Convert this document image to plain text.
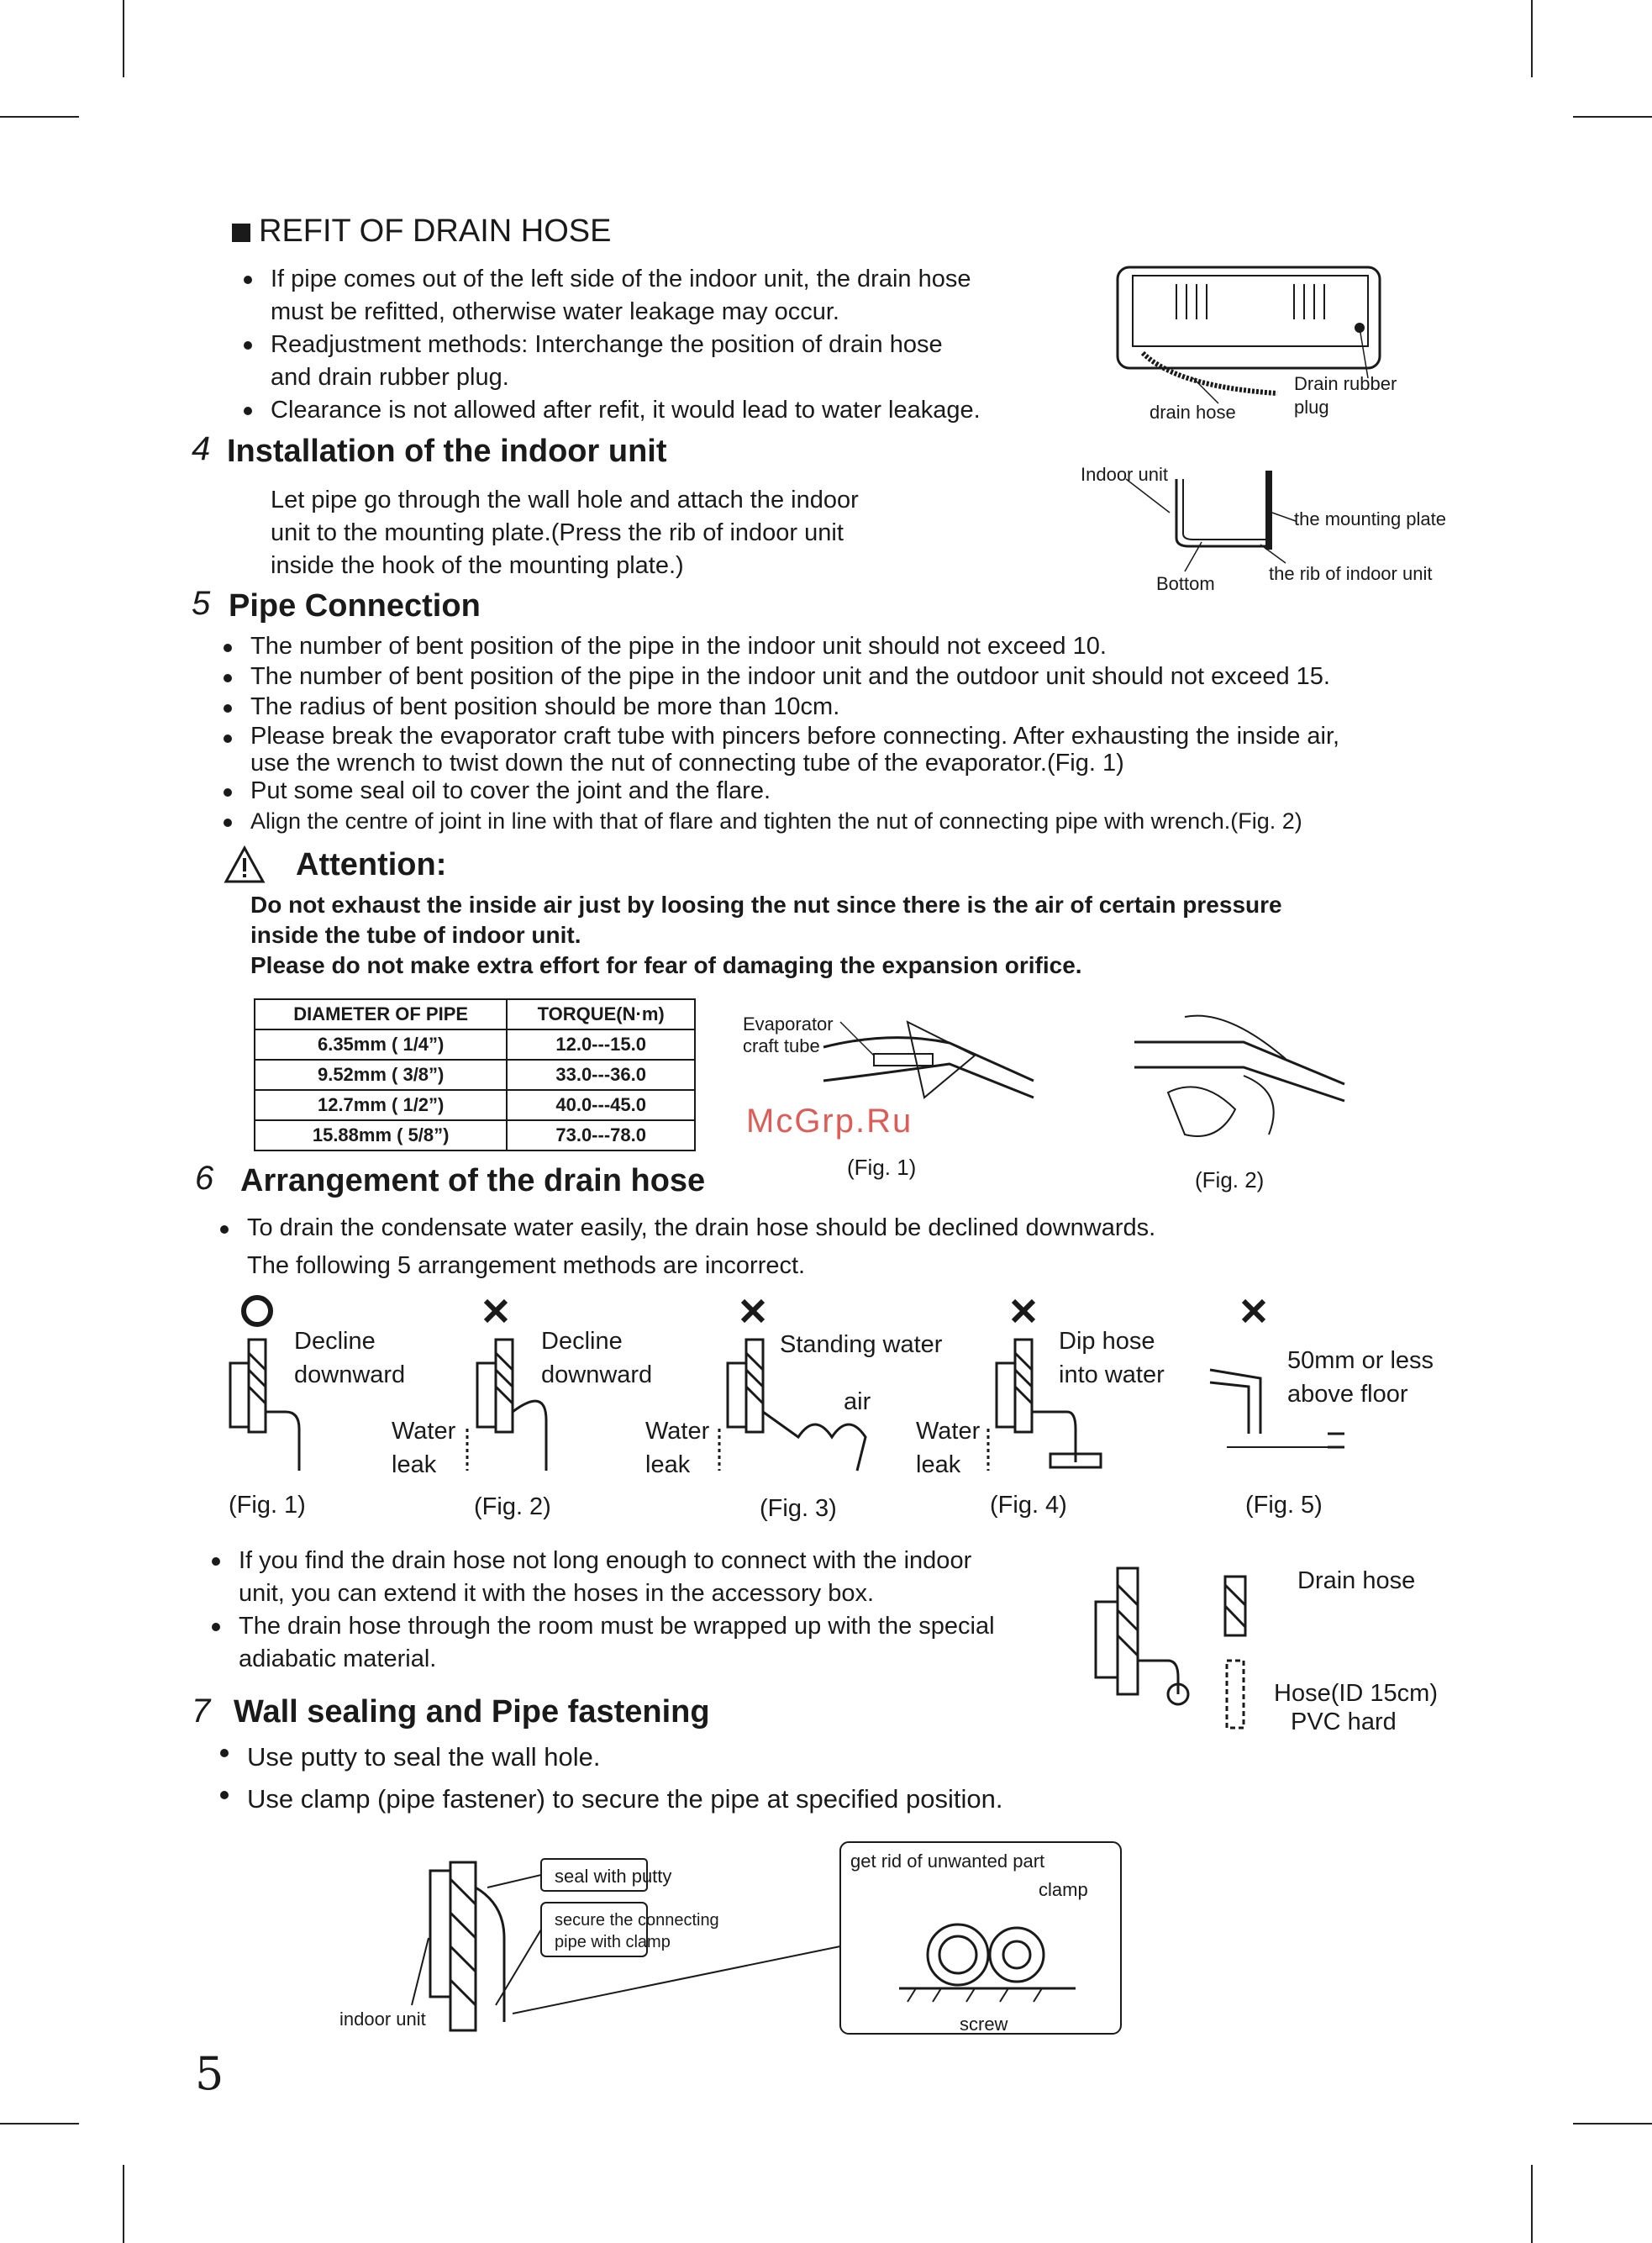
REFIT OF DRAIN HOSE
If pipe comes out of the left side of the indoor unit, the drain hose
must be refitted, otherwise water leakage may occur.
Readjustment methods: Interchange the position of drain hose
and drain rubber plug.
Clearance is not allowed after refit, it would lead to water leakage.
Drain rubber
plug
drain hose
4 Installation of the indoor unit
Let pipe go through the wall hole and attach the indoor
unit to the mounting plate.(Press the rib of indoor unit
inside the hook of the mounting plate.)
Indoor unit
the mounting plate
Bottom	the rib of indoor unit
5 Pipe Connection
The number of bent position of the pipe in the indoor unit should not exceed 10.
The number of bent position of the pipe in the indoor unit and the outdoor unit should not exceed 15.
The radius of bent position should be more than 10cm.
Please break the evaporator craft tube with pincers before connecting. After exhausting the inside air,
use the wrench to twist down the nut of connecting tube of the evaporator.(Fig. 1)
Put some seal oil to cover the joint and the flare.
Align the centre of joint in line with that of flare and tighten the nut of connecting pipe with wrench.(Fig. 2)
Attention:
Do not exhaust the inside air just by loosing the nut since there is the air of certain pressure
inside the tube of indoor unit.
Please do not make extra effort for fear of damaging the expansion orifice.
DIAMETER OF PIPE	TORQUE(N·m)
6.35mm ( 1/4”)	12.0---15.0
9.52mm ( 3/8”)	33.0---36.0
12.7mm ( 1/2”)	40.0---45.0
15.88mm ( 5/8”)	73.0---78.0
Evaporator
craft tube
McGrp.Ru
(Fig. 1)	(Fig. 2)
6 Arrangement of the drain hose
To drain the condensate water easily, the drain hose should be declined downwards.
The following 5 arrangement methods are incorrect.
Decline
downward
(Fig. 1)
Decline
downward
Water
leak
(Fig. 2)
Standing water
air
Water
leak
(Fig. 3)
Dip hose
into water
Water
leak
(Fig. 4)
50mm or less
above floor
(Fig. 5)
If you find the drain hose not long enough to connect with the indoor
unit, you can extend it with the hoses in the accessory box.
The drain hose through the room must be wrapped up with the special
adiabatic material.
Drain hose
Hose(ID 15cm)
PVC hard
7 Wall sealing and Pipe fastening
Use putty to seal the wall hole.
Use clamp (pipe fastener) to secure the pipe at specified position.
seal with putty
secure the connecting
pipe with clamp
indoor unit
get rid of unwanted part
clamp
screw
5
